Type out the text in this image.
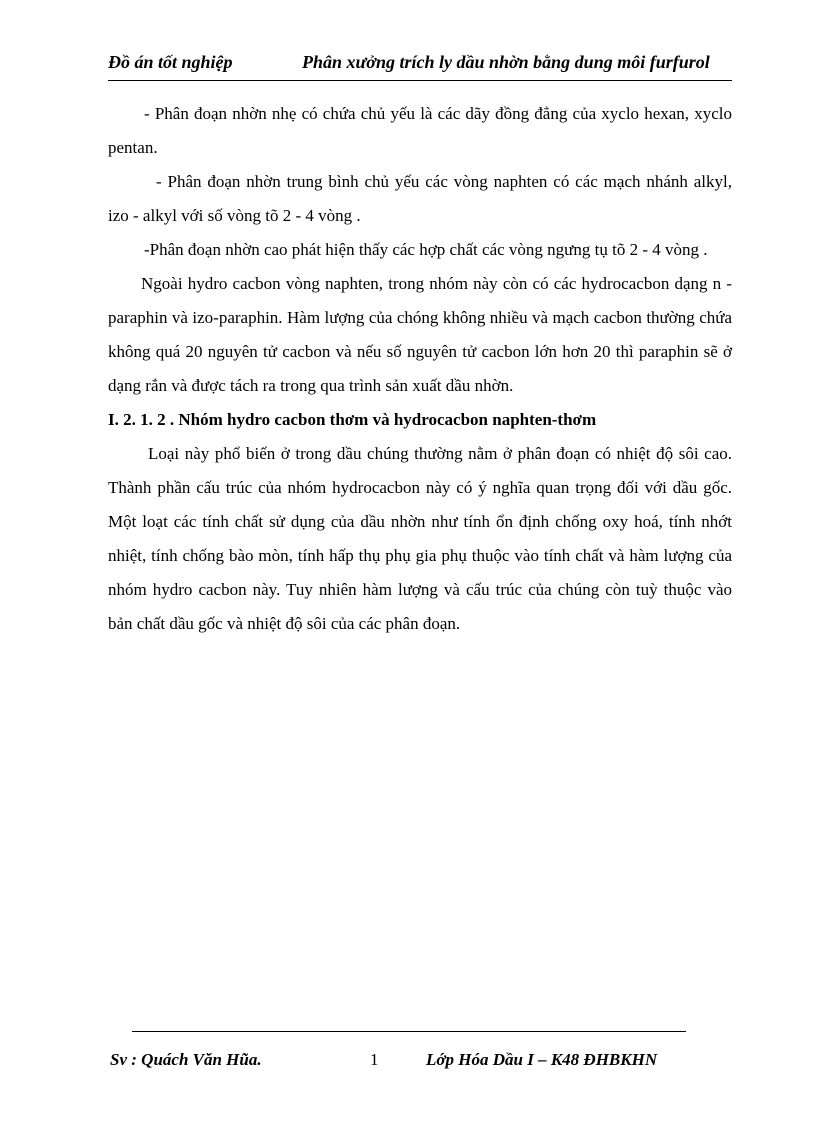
Đồ án tốt nghiệp	Phân xưởng trích ly dầu nhờn bằng dung môi furfurol

- Phân đoạn nhờn nhẹ có chứa chủ yếu là các dãy đồng đẳng của xyclo hexan, xyclo pentan.

- Phân đoạn nhờn trung bình chủ yếu các vòng naphten có các mạch nhánh alkyl, izo - alkyl với số vòng tõ 2 - 4 vòng .

-Phân đoạn nhờn cao phát hiện thấy các hợp chất các vòng ngưng tụ tõ 2 - 4 vòng .

Ngoài hydro cacbon vòng naphten, trong nhóm này còn có các hydrocacbon dạng n - paraphin và izo-paraphin. Hàm lượng của chóng không nhiều và mạch cacbon thường chứa không quá 20 nguyên tử cacbon và nếu số nguyên tử cacbon lớn hơn 20 thì paraphin sẽ ở dạng rắn và được tách ra trong qua trình sản xuất dầu nhờn.

I. 2. 1. 2 . Nhóm hydro cacbon thơm và hydrocacbon naphten-thơm

Loại này phổ biến ở trong dầu chúng thường nằm ở phân đoạn có nhiệt độ sôi cao. Thành phần cấu trúc của nhóm hydrocacbon này có ý nghĩa quan trọng đối với dầu gốc. Một loạt các tính chất sử dụng của dầu nhờn như tính ổn định chống oxy hoá, tính nhớt nhiệt, tính chống bào mòn, tính hấp thụ phụ gia phụ thuộc vào tính chất và hàm lượng của nhóm hydro cacbon này. Tuy nhiên hàm lượng và cấu trúc của chúng còn tuỳ thuộc vào bản chất dầu gốc và nhiệt độ sôi của các phân đoạn.

Sv : Quách Văn Hũa.	1	Lớp Hóa Dầu I – K48 ĐHBKHN
